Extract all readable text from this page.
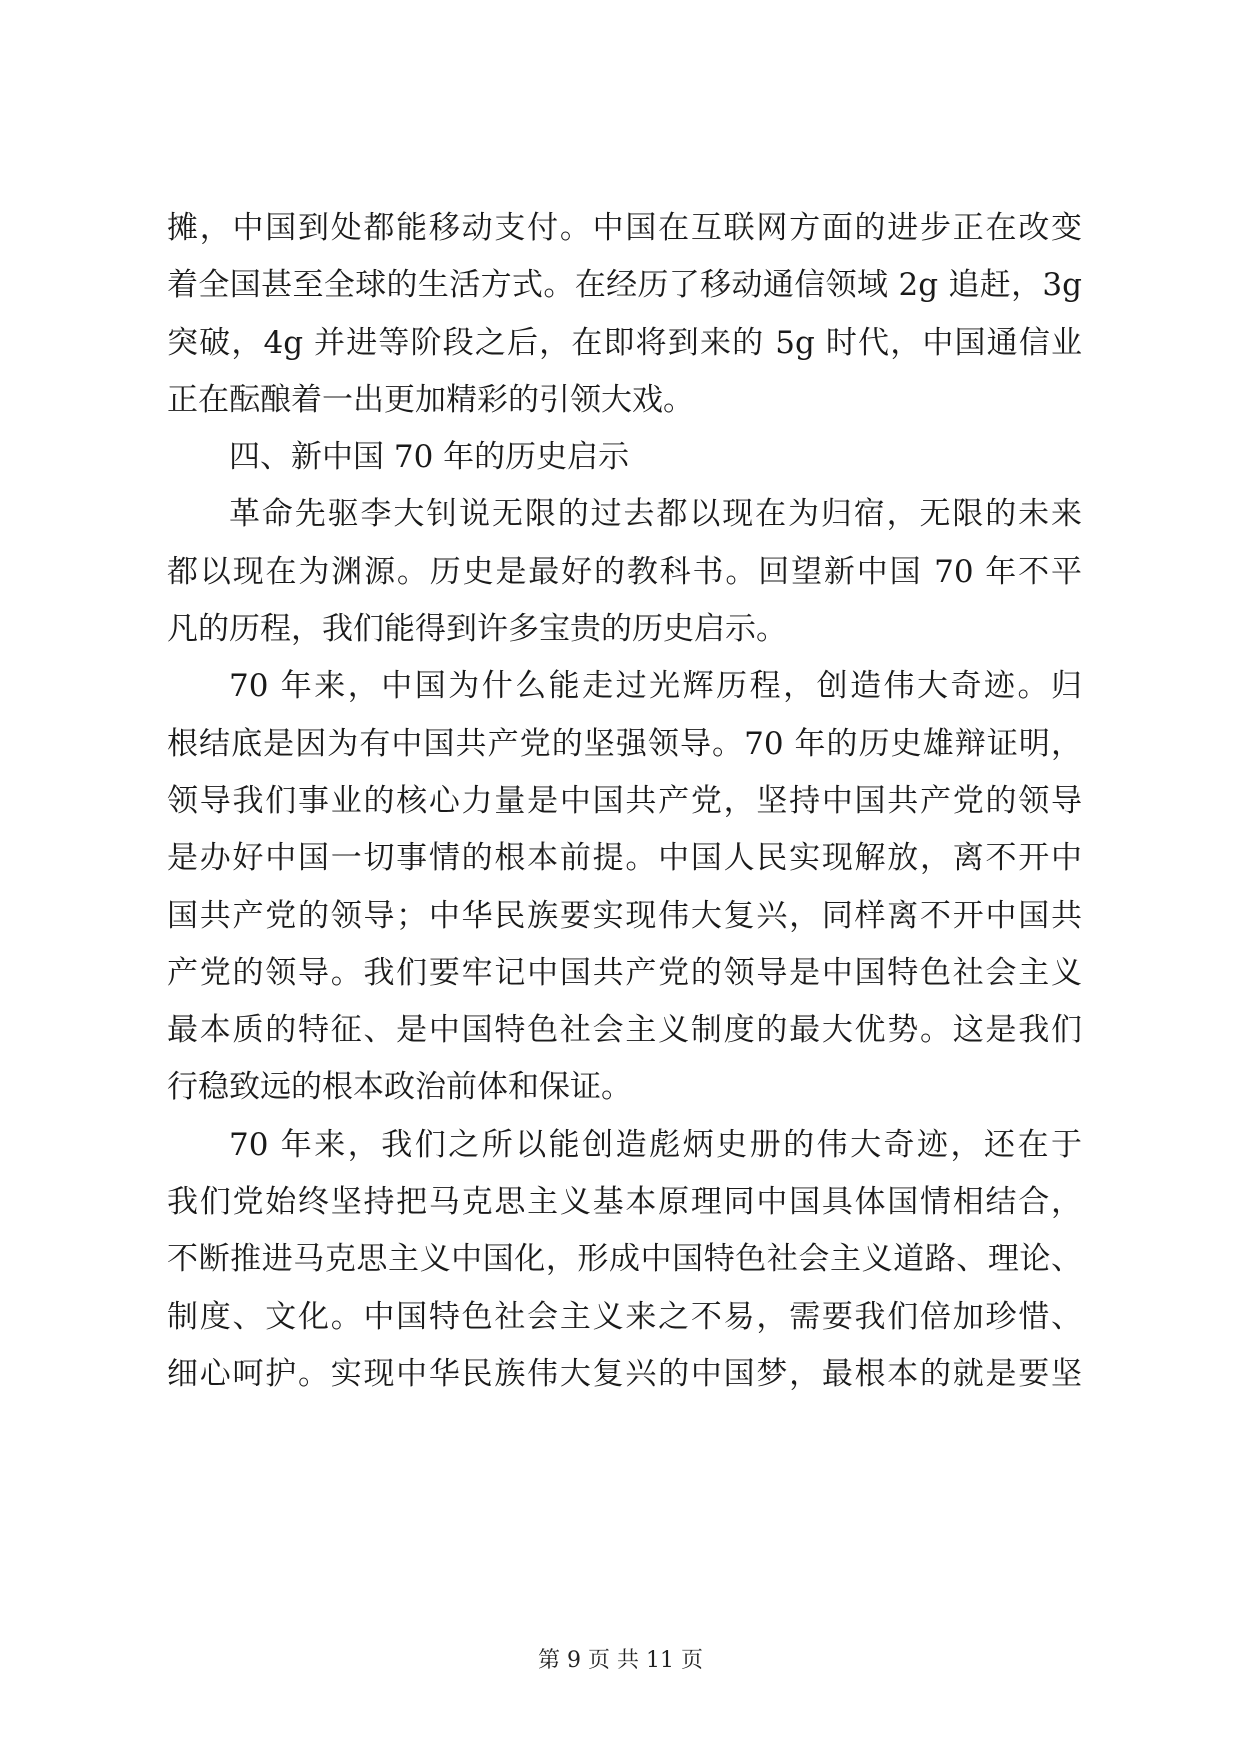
摊，中国到处都能移动支付。中国在互联网方面的进步正在改变
着全国甚至全球的生活方式。在经历了移动通信领域 2g 追赶，3g
突破，4g 并进等阶段之后，在即将到来的 5g 时代，中国通信业
正在酝酿着一出更加精彩的引领大戏。
四、新中国 70 年的历史启示
革命先驱李大钊说无限的过去都以现在为归宿，无限的未来
都以现在为渊源。历史是最好的教科书。回望新中国 70 年不平
凡的历程，我们能得到许多宝贵的历史启示。
70 年来，中国为什么能走过光辉历程，创造伟大奇迹。归
根结底是因为有中国共产党的坚强领导。70 年的历史雄辩证明，
领导我们事业的核心力量是中国共产党，坚持中国共产党的领导
是办好中国一切事情的根本前提。中国人民实现解放，离不开中
国共产党的领导；中华民族要实现伟大复兴，同样离不开中国共
产党的领导。我们要牢记中国共产党的领导是中国特色社会主义
最本质的特征、是中国特色社会主义制度的最大优势。这是我们
行稳致远的根本政治前体和保证。
70 年来，我们之所以能创造彪炳史册的伟大奇迹，还在于
我们党始终坚持把马克思主义基本原理同中国具体国情相结合，
不断推进马克思主义中国化，形成中国特色社会主义道路、理论、
制度、文化。中国特色社会主义来之不易，需要我们倍加珍惜、
细心呵护。实现中华民族伟大复兴的中国梦，最根本的就是要坚
第 9 页 共 11 页
